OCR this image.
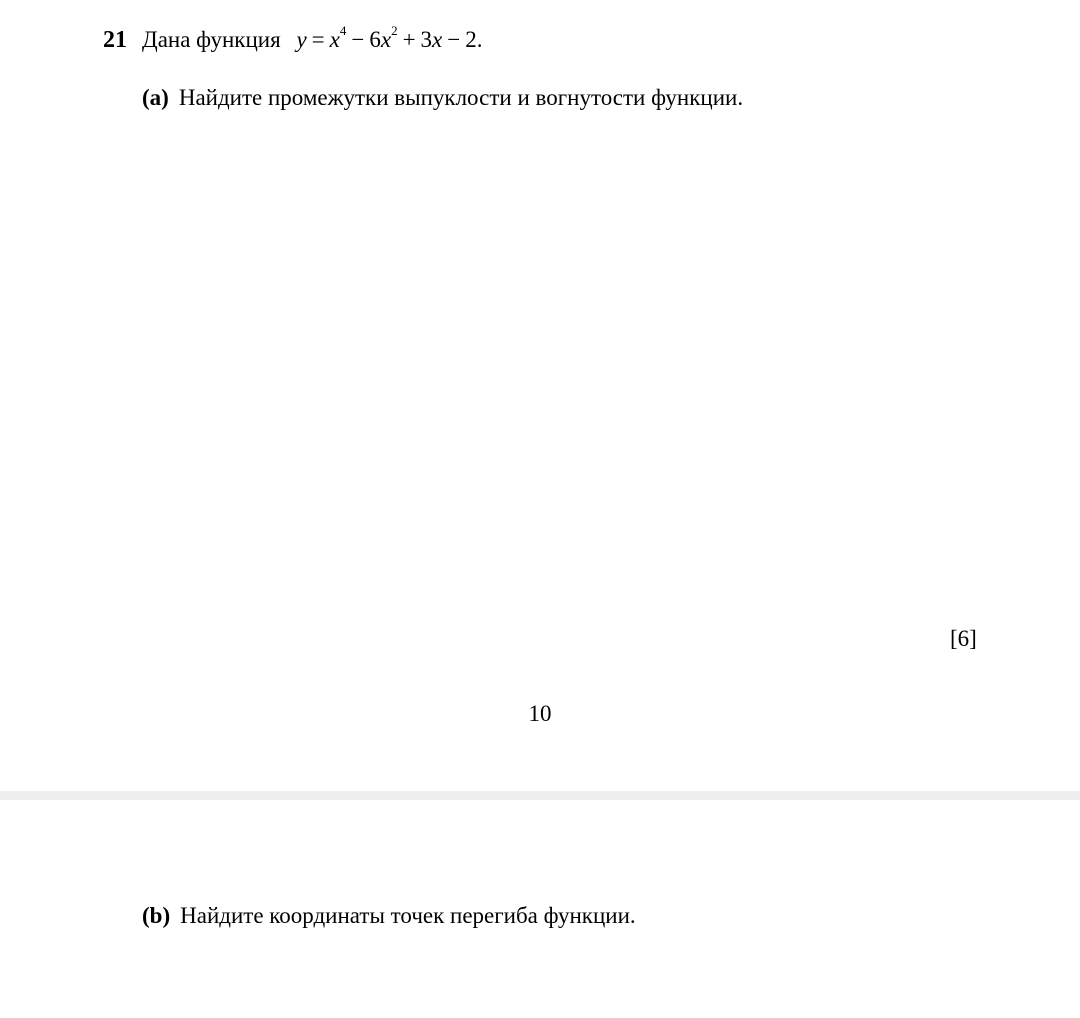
21 Дана функция $y = x^4 - 6x^2 + 3x - 2$.
(a) Найдите промежутки выпуклости и вогнутости функции.
[6]
10
(b) Найдите координаты точек перегиба функции.
